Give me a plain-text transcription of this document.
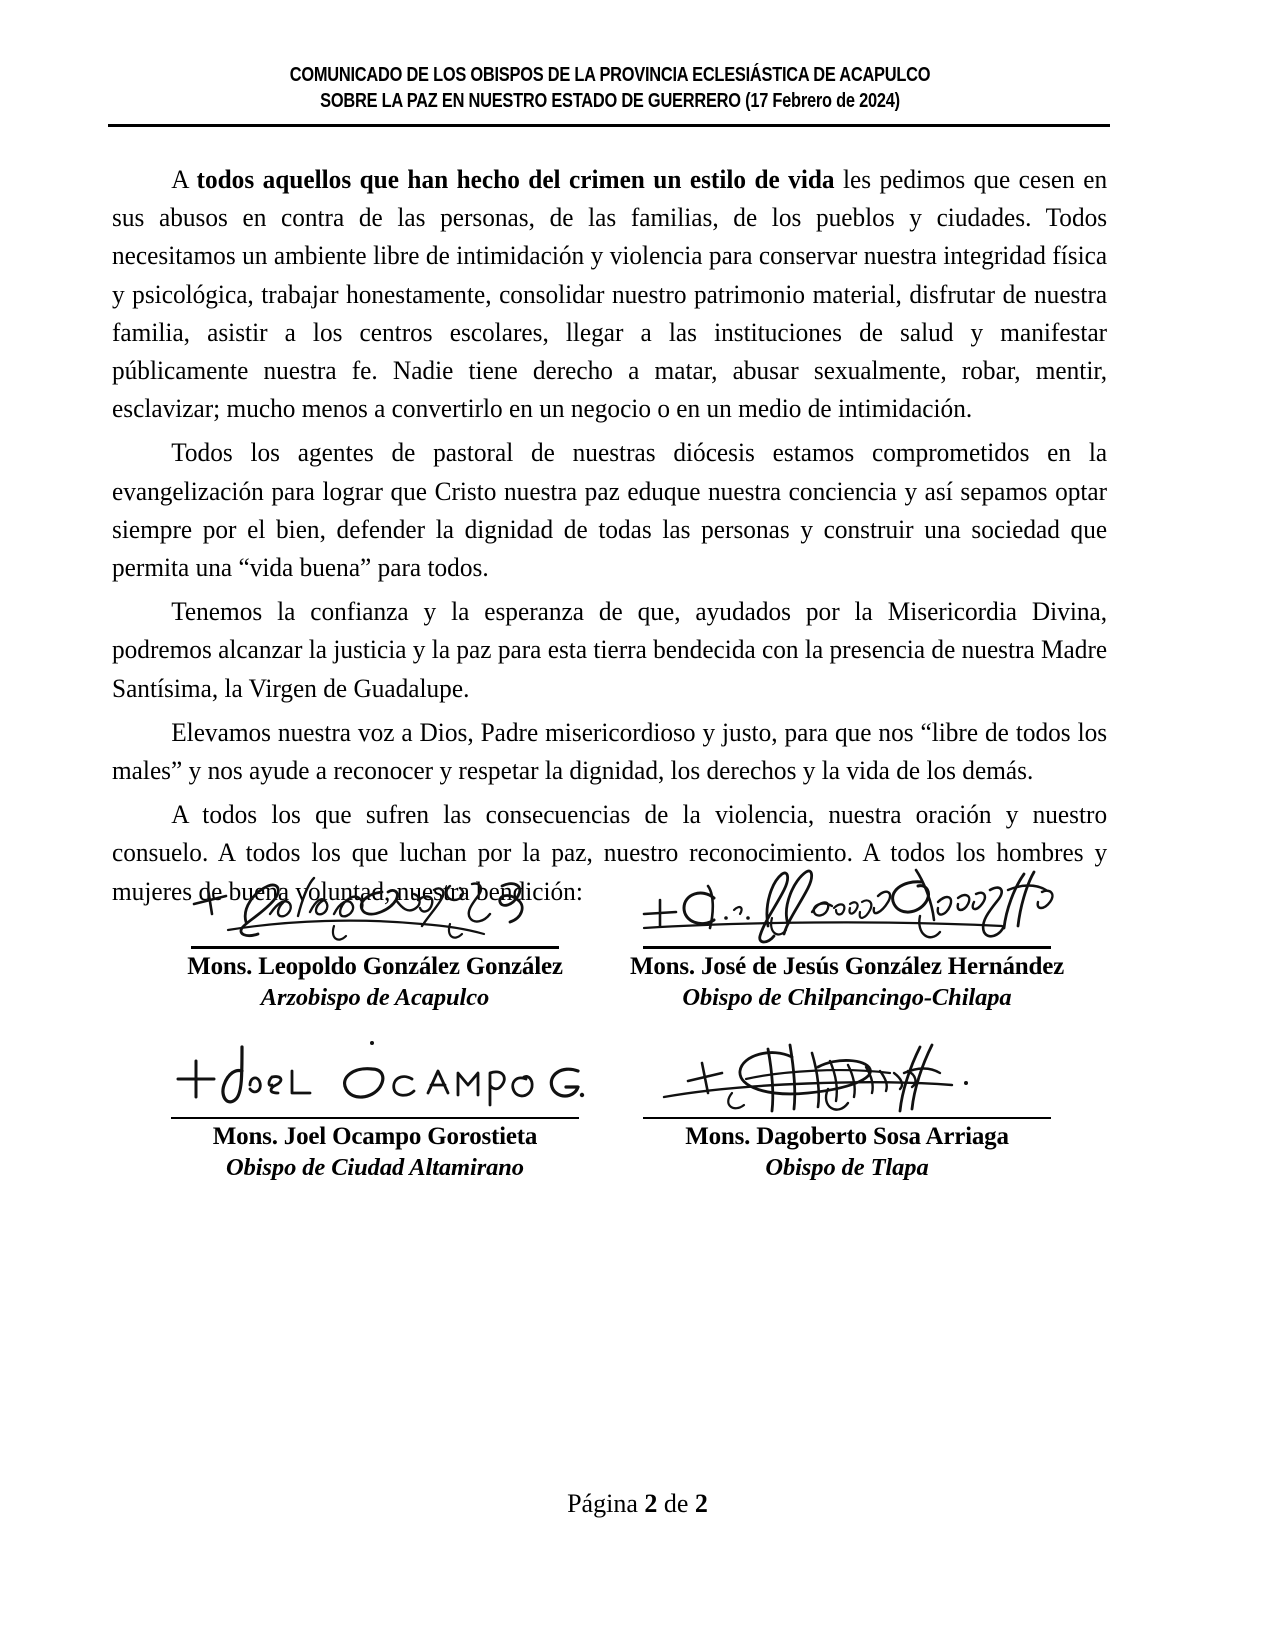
COMUNICADO DE LOS OBISPOS DE LA PROVINCIA ECLESIÁSTICA DE ACAPULCO
SOBRE LA PAZ EN NUESTRO ESTADO DE GUERRERO (17 Febrero de 2024)

A todos aquellos que han hecho del crimen un estilo de vida les pedimos que cesen en sus abusos en contra de las personas, de las familias, de los pueblos y ciudades. Todos necesitamos un ambiente libre de intimidación y violencia para conservar nuestra integridad física y psicológica, trabajar honestamente, consolidar nuestro patrimonio material, disfrutar de nuestra familia, asistir a los centros escolares, llegar a las instituciones de salud y manifestar públicamente nuestra fe. Nadie tiene derecho a matar, abusar sexualmente, robar, mentir, esclavizar; mucho menos a convertirlo en un negocio o en un medio de intimidación.

Todos los agentes de pastoral de nuestras diócesis estamos comprometidos en la evangelización para lograr que Cristo nuestra paz eduque nuestra conciencia y así sepamos optar siempre por el bien, defender la dignidad de todas las personas y construir una sociedad que permita una “vida buena” para todos.

Tenemos la confianza y la esperanza de que, ayudados por la Misericordia Divina, podremos alcanzar la justicia y la paz para esta tierra bendecida con la presencia de nuestra Madre Santísima, la Virgen de Guadalupe.

Elevamos nuestra voz a Dios, Padre misericordioso y justo, para que nos “libre de todos los males” y nos ayude a reconocer y respetar la dignidad, los derechos y la vida de los demás.

A todos los que sufren las consecuencias de la violencia, nuestra oración y nuestro consuelo. A todos los que luchan por la paz, nuestro reconocimiento. A todos los hombres y mujeres de buena voluntad, nuestra bendición:

Mons. Leopoldo González González
Arzobispo de Acapulco
Mons. José de Jesús González Hernández
Obispo de Chilpancingo-Chilapa
Mons. Joel Ocampo Gorostieta
Obispo de Ciudad Altamirano
Mons. Dagoberto Sosa Arriaga
Obispo de Tlapa
Página 2 de 2
